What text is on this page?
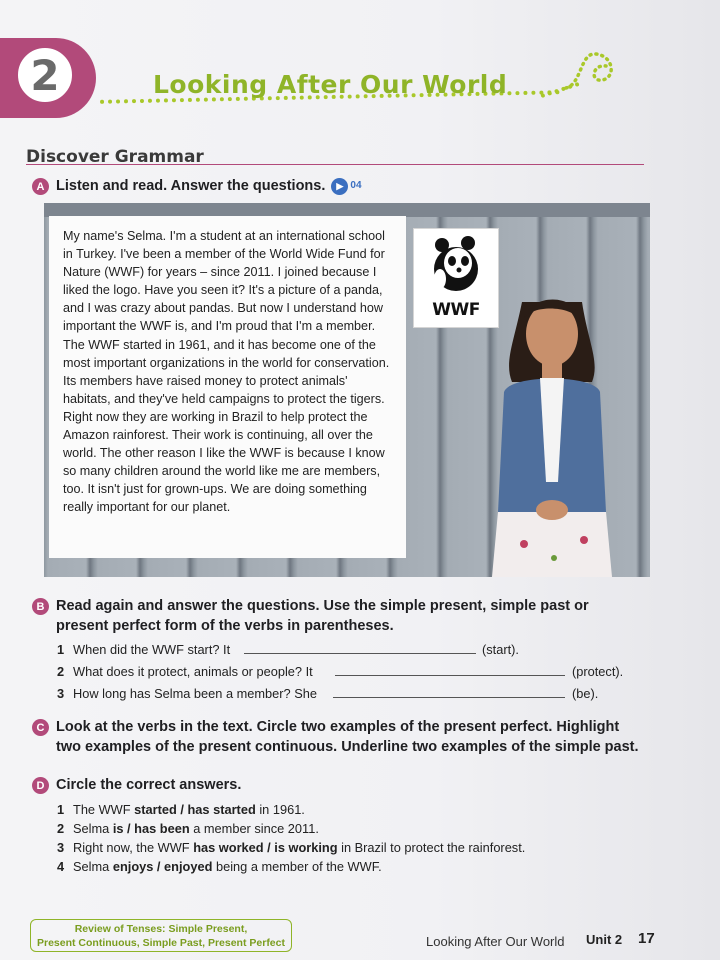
2	Looking After Our World
Discover Grammar
A Listen and read. Answer the questions.	▶ 04

My name's Selma. I'm a student at an international school in Turkey. I've been a member of the World Wide Fund for Nature (WWF) for years – since 2011. I joined because I liked the logo. Have you seen it? It's a picture of a panda, and I was crazy about pandas. But now I understand how important the WWF is, and I'm proud that I'm a member. The WWF started in 1961, and it has become one of the most important organizations in the world for conservation. Its members have raised money to protect animals' habitats, and they've held campaigns to protect the tigers. Right now they are working in Brazil to help protect the Amazon rainforest. Their work is continuing, all over the world. The other reason I like the WWF is because I know so many children around the world like me are members, too. It isn't just for grown-ups. We are doing something really important for our planet.

WWF
B Read again and answer the questions. Use the simple present, simple past or present perfect form of the verbs in parentheses.
1 When did the WWF start? It	(start).
2 What does it protect, animals or people? It	(protect).
3 How long has Selma been a member? She	(be).
C Look at the verbs in the text. Circle two examples of the present perfect. Highlight two examples of the present continuous. Underline two examples of the simple past.
D Circle the correct answers.
1 The WWF started / has started in 1961.
2 Selma is / has been a member since 2011.
3 Right now, the WWF has worked / is working in Brazil to protect the rainforest.
4 Selma enjoys / enjoyed being a member of the WWF.
Review of Tenses: Simple Present,
Present Continuous, Simple Past, Present Perfect	Looking After Our World Unit 2 17
